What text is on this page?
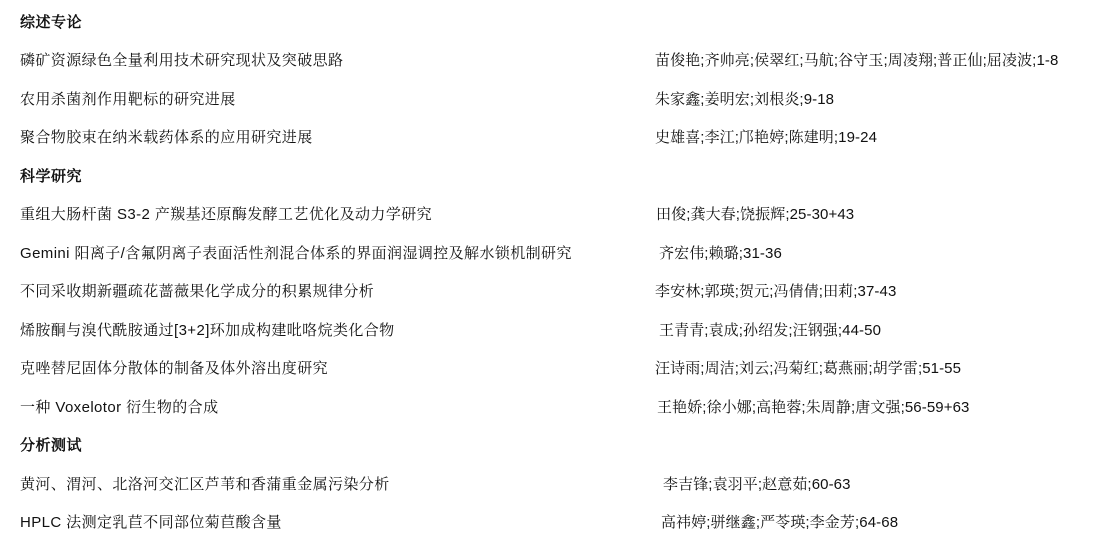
综述专论
磷矿资源绿色全量利用技术研究现状及突破思路	苗俊艳;齐帅亮;侯翠红;马航;谷守玉;周凌翔;普正仙;屈凌波;1-8
农用杀菌剂作用靶标的研究进展	朱家鑫;姜明宏;刘根炎;9-18
聚合物胶束在纳米载药体系的应用研究进展	史雄喜;李江;邝艳婷;陈建明;19-24
科学研究
重组大肠杆菌 S3-2 产羰基还原酶发酵工艺优化及动力学研究	田俊;龚大春;饶振辉;25-30+43
Gemini 阳离子/含氟阴离子表面活性剂混合体系的界面润湿调控及解水锁机制研究	齐宏伟;赖璐;31-36
不同采收期新疆疏花蔷薇果化学成分的积累规律分析	李安林;郭瑛;贺元;冯倩倩;田莉;37-43
烯胺酮与溴代酰胺通过[3+2]环加成构建吡咯烷类化合物	王青青;袁成;孙绍发;汪钢强;44-50
克唑替尼固体分散体的制备及体外溶出度研究	汪诗雨;周洁;刘云;冯菊红;葛燕丽;胡学雷;51-55
一种 Voxelotor 衍生物的合成	王艳娇;徐小娜;高艳蓉;朱周静;唐文强;56-59+63
分析测试
黄河、渭河、北洛河交汇区芦苇和香蒲重金属污染分析	李吉锋;袁羽平;赵意茹;60-63
HPLC 法测定乳苣不同部位菊苣酸含量	高祎婷;骈继鑫;严苓瑛;李金芳;64-68
